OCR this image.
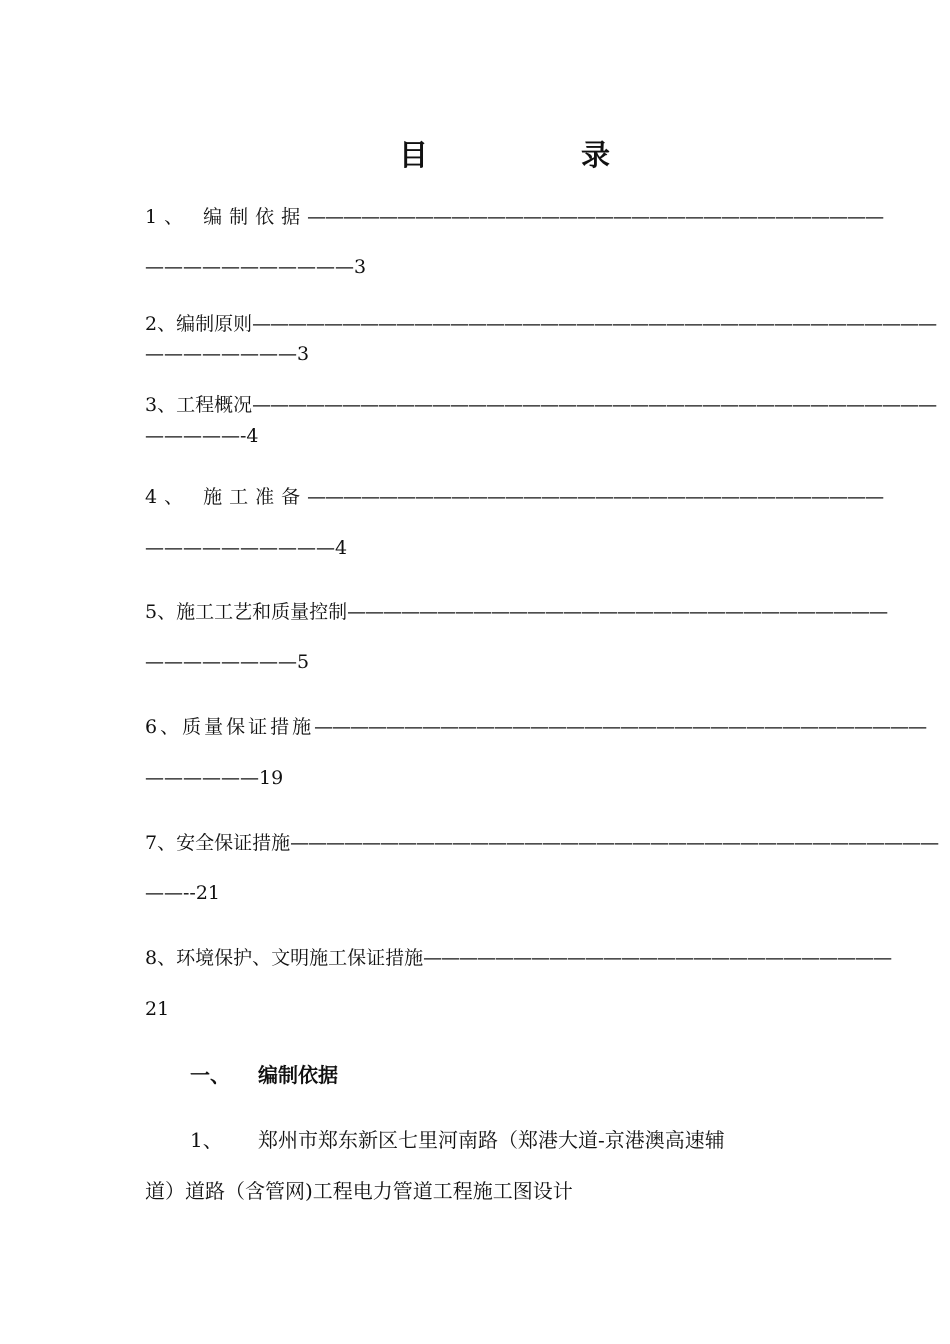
目	录
1、 编制依据————————————————————————————————
———————————3
2、编制原则——————————————————————————————————————
————————3
3、工程概况——————————————————————————————————————
—————-4
4、 施工准备————————————————————————————————
——————————4
5、施工工艺和质量控制——————————————————————————————
————————5
6、质量保证措施——————————————————————————————————
——————19
7、安全保证措施————————————————————————————————————
——--21
8、环境保护、文明施工保证措施——————————————————————————
21
一、 编制依据
1、 郑州市郑东新区七里河南路（郑港大道-京港澳高速辅
道）道路（含管网)工程电力管道工程施工图设计
